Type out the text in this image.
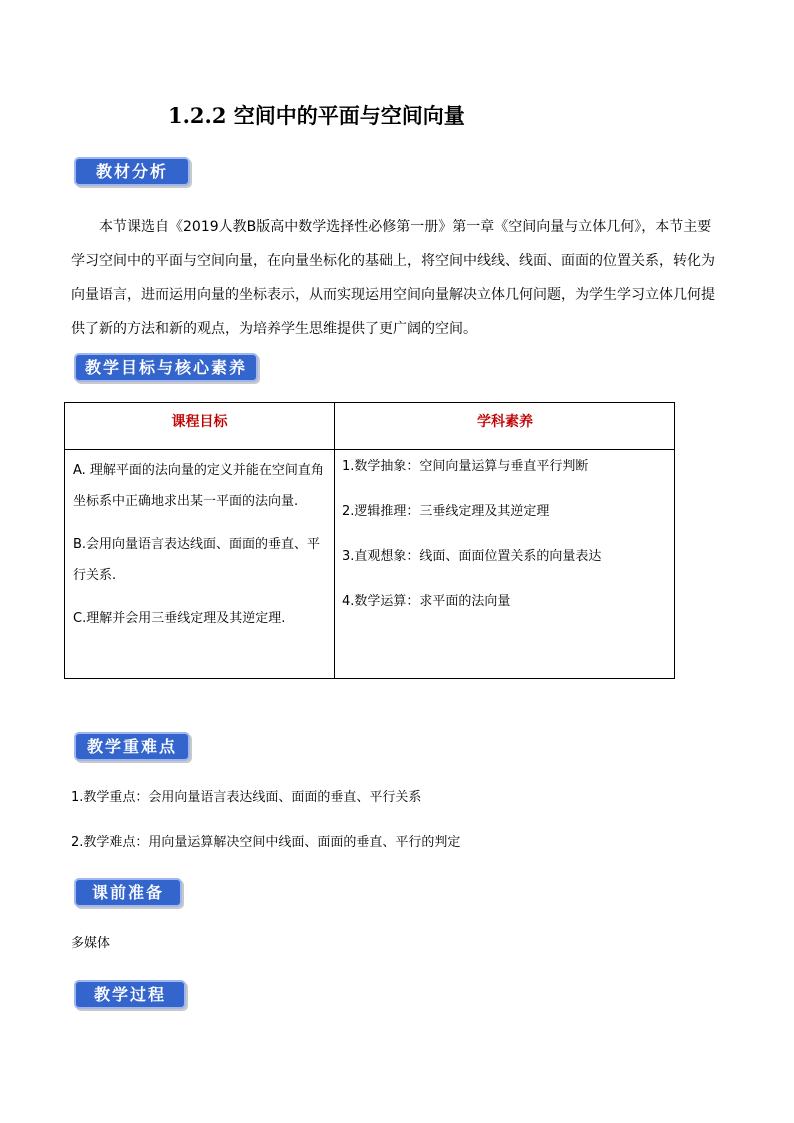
1.2.2 空间中的平面与空间向量
教材分析
本节课选自《2019人教B版高中数学选择性必修第一册》第一章《空间向量与立体几何》，本节主要
学习空间中的平面与空间向量，在向量坐标化的基础上，将空间中线线、线面、面面的位置关系，转化为
向量语言，进而运用向量的坐标表示，从而实现运用空间向量解决立体几何问题，为学生学习立体几何提
供了新的方法和新的观点，为培养学生思维提供了更广阔的空间。
教学目标与核心素养
课程目标	学科素养

A. 理解平面的法向量的定义并能在空间直角坐标系中正确地求出某一平面的法向量.

B.会用向量语言表达线面、面面的垂直、平行关系.

C.理解并会用三垂线定理及其逆定理.

1.数学抽象：空间向量运算与垂直平行判断
2.逻辑推理：三垂线定理及其逆定理
3.直观想象：线面、面面位置关系的向量表达
4.数学运算：求平面的法向量
教学重难点
1.教学重点：会用向量语言表达线面、面面的垂直、平行关系
2.教学难点：用向量运算解决空间中线面、面面的垂直、平行的判定
课前准备
多媒体
教学过程
